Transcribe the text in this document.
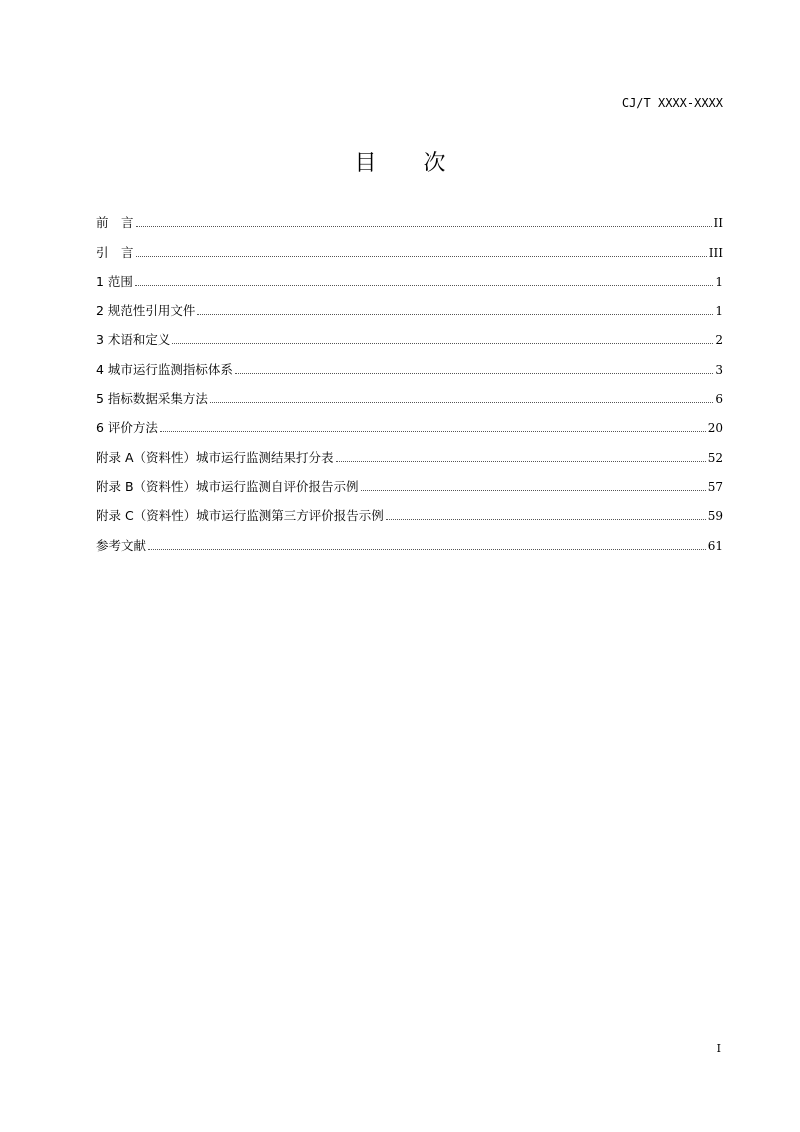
CJ/T XXXX-XXXX
目 次
前　言	II
引　言	III
1 范围	1
2 规范性引用文件	1
3 术语和定义	2
4 城市运行监测指标体系	3
5 指标数据采集方法	6
6 评价方法	20
附录 A（资料性）城市运行监测结果打分表	52
附录 B（资料性）城市运行监测自评价报告示例	57
附录 C（资料性）城市运行监测第三方评价报告示例	59
参考文献	61
I
